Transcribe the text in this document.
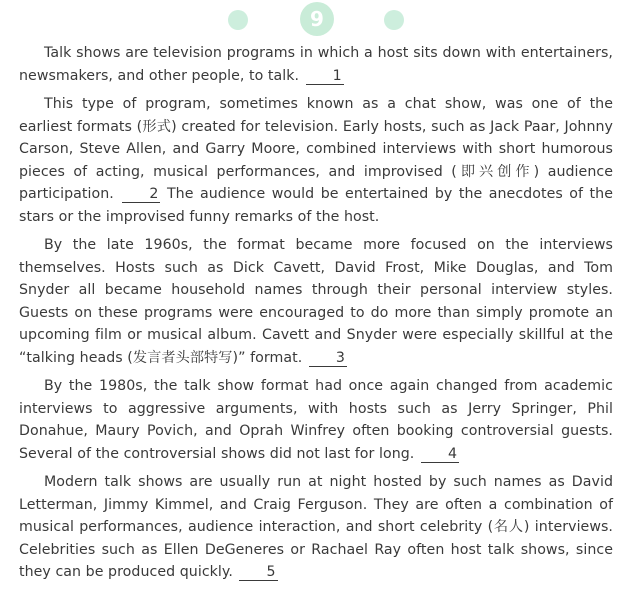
9

Talk shows are television programs in which a host sits down with entertainers, newsmakers, and other people, to talk. 1

This type of program, sometimes known as a chat show, was one of the earliest formats (形式) created for television. Early hosts, such as Jack Paar, Johnny Carson, Steve Allen, and Garry Moore, combined interviews with short humorous pieces of acting, musical performances, and improvised (即兴创作) audience participation.	2 The audience would be entertained by the anecdotes of the stars or the improvised funny remarks of the host.

By the late 1960s, the format became more focused on the interviews themselves. Hosts such as Dick Cavett, David Frost, Mike Douglas, and Tom Snyder all became household names through their personal interview styles. Guests on these programs were encouraged to do more than simply promote an upcoming film or musical album. Cavett and Snyder were especially skillful at the “talking heads (发言者头部特写)” format. 3

By the 1980s, the talk show format had once again changed from academic interviews to aggressive arguments, with hosts such as Jerry Springer, Phil Donahue, Maury Povich, and Oprah Winfrey often booking controversial guests. Several of the controversial shows did not last for long. 4

Modern talk shows are usually run at night hosted by such names as David Letterman, Jimmy Kimmel, and Craig Ferguson. They are often a combination of musical performances, audience interaction, and short celebrity (名人) interviews. Celebrities such as Ellen DeGeneres or Rachael Ray often host talk shows, since they can be produced quickly. 5
